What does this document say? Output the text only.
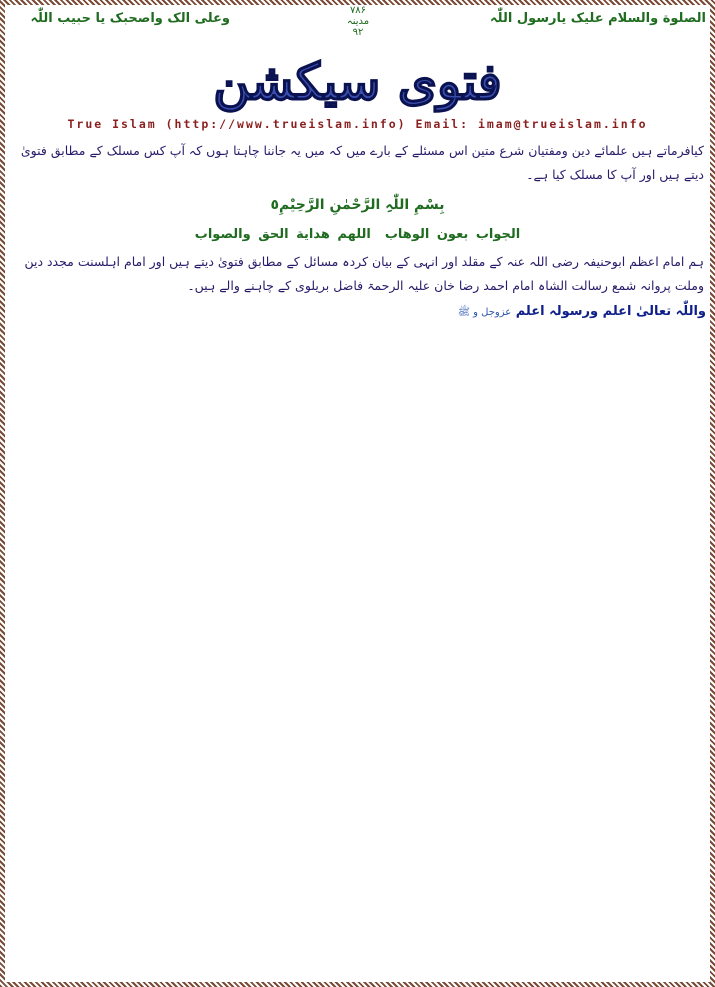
الصلوة والسلام علیک یارسول اللّٰہ
۷۸۶
مدینہ
۹۲
وعلی الک واصحبک یا حبیب اللّٰہ
فتوی سیکشن
True Islam (http://www.trueislam.info) Email: imam@trueislam.info
کیافرماتے ہیں علمائے دین ومفتیان شرع متین اس مسئلے کے بارے میں کہ میں یہ جاننا چاہتا ہوں کہ آپ کس مسلک کے مطابق فتویٰ دیتے ہیں اور آپ کا مسلک کیا ہے۔
بِسْمِ اللّٰہِ الرَّحْمٰنِ الرَّحِیْمِ٥
الجواب بعون الوھاباللھم ھدایة الحق والصواب
ہم امام اعظم ابوحنیفہ رضی اللہ عنہ کے مقلد اور انہی کے بیان کردہ مسائل کے مطابق فتویٰ دیتے ہیں اور امام اہلسنت مجدد دین وملت پروانہ شمع رسالت الشاہ امام احمد رضا خان علیہ الرحمۃ فاضل بریلوی کے چاہنے والے ہیں۔
واللّٰہ تعالیٰ اعلم ورسولہ اعلم عزوجل و ﷺ
